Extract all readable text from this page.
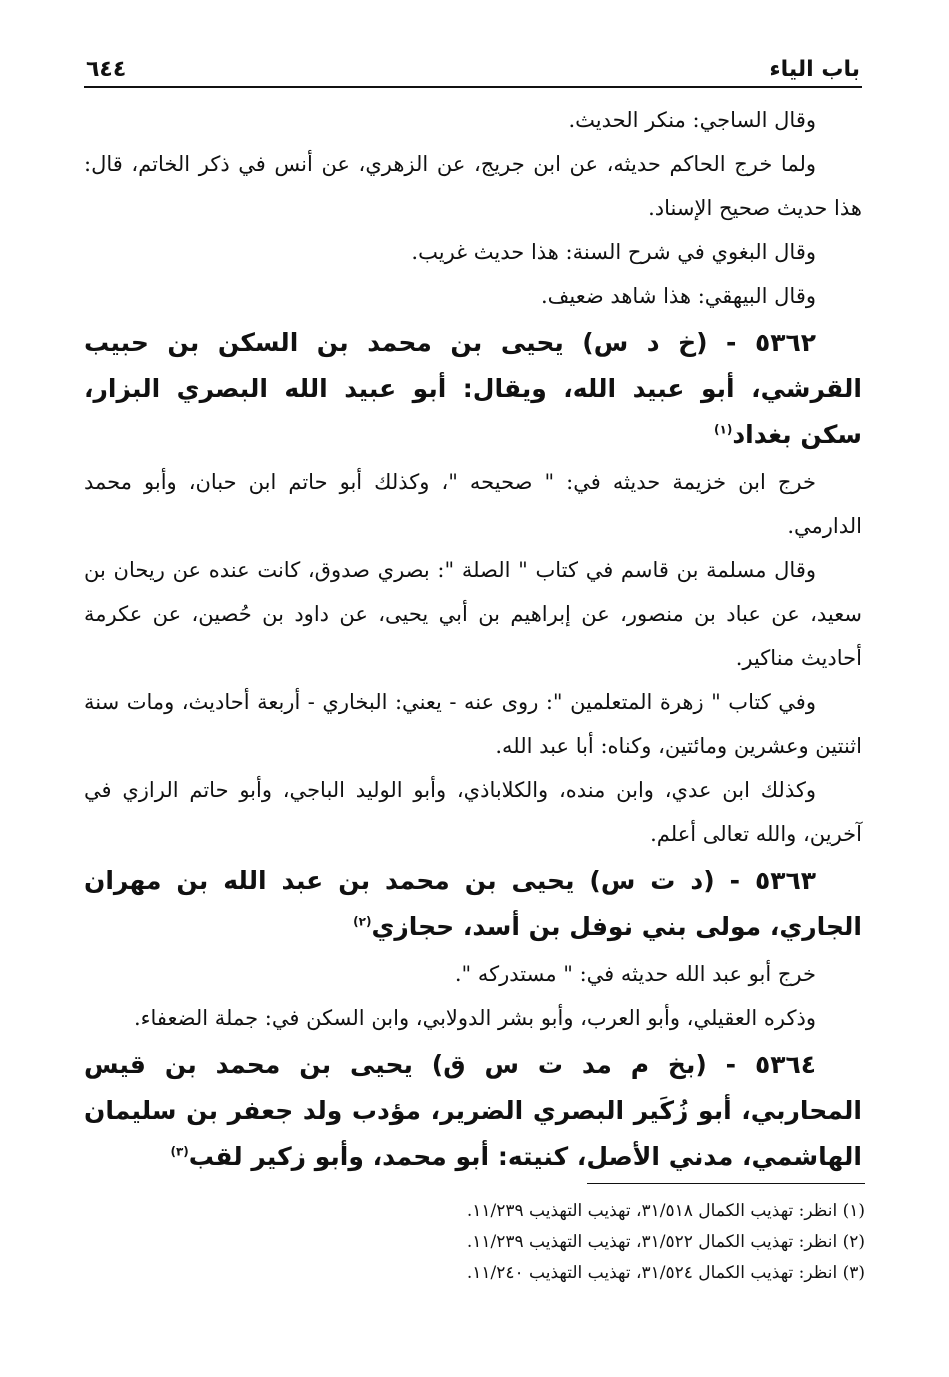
باب الياء
٦٤٤

وقال الساجي: منكر الحديث.

ولما خرج الحاكم حديثه، عن ابن جريج، عن الزهري، عن أنس في ذكر الخاتم، قال: هذا حديث صحيح الإسناد.

وقال البغوي في شرح السنة: هذا حديث غريب.

وقال البيهقي: هذا شاهد ضعيف.

٥٣٦٢ - (خ د س) يحيى بن محمد بن السكن بن حبيب القرشي، أبو عبيد الله، ويقال: أبو عبيد الله البصري البزار، سكن بغداد$^{(١)}$

خرج ابن خزيمة حديثه في: " صحيحه "، وكذلك أبو حاتم ابن حبان، وأبو محمد الدارمي.

وقال مسلمة بن قاسم في كتاب " الصلة ": بصري صدوق، كانت عنده عن ريحان بن سعيد، عن عباد بن منصور، عن إبراهيم بن أبي يحيى، عن داود بن حُصين، عن عكرمة أحاديث مناكير.

وفي كتاب " زهرة المتعلمين ": روى عنه - يعني: البخاري - أربعة أحاديث، ومات سنة اثنتين وعشرين ومائتين، وكناه: أبا عبد الله.

وكذلك ابن عدي، وابن منده، والكلاباذي، وأبو الوليد الباجي، وأبو حاتم الرازي في آخرين، والله تعالى أعلم.

٥٣٦٣ - (د ت س) يحيى بن محمد بن عبد الله بن مهران الجاري، مولى بني نوفل بن أسد، حجازي$^{(٢)}$

خرج أبو عبد الله حديثه في: " مستدركه ".

وذكره العقيلي، وأبو العرب، وأبو بشر الدولابي، وابن السكن في: جملة الضعفاء.

٥٣٦٤ - (بخ م مد ت س ق) يحيى بن محمد بن قيس المحاربي، أبو زُكَير البصري الضرير، مؤدب ولد جعفر بن سليمان الهاشمي، مدني الأصل، كنيته: أبو محمد، وأبو زكير لقب$^{(٣)}$

(١) انظر: تهذيب الكمال ٣١/٥١٨، تهذيب التهذيب ١١/٢٣٩.

(٢) انظر: تهذيب الكمال ٣١/٥٢٢، تهذيب التهذيب ١١/٢٣٩.

(٣) انظر: تهذيب الكمال ٣١/٥٢٤، تهذيب التهذيب ١١/٢٤٠.
